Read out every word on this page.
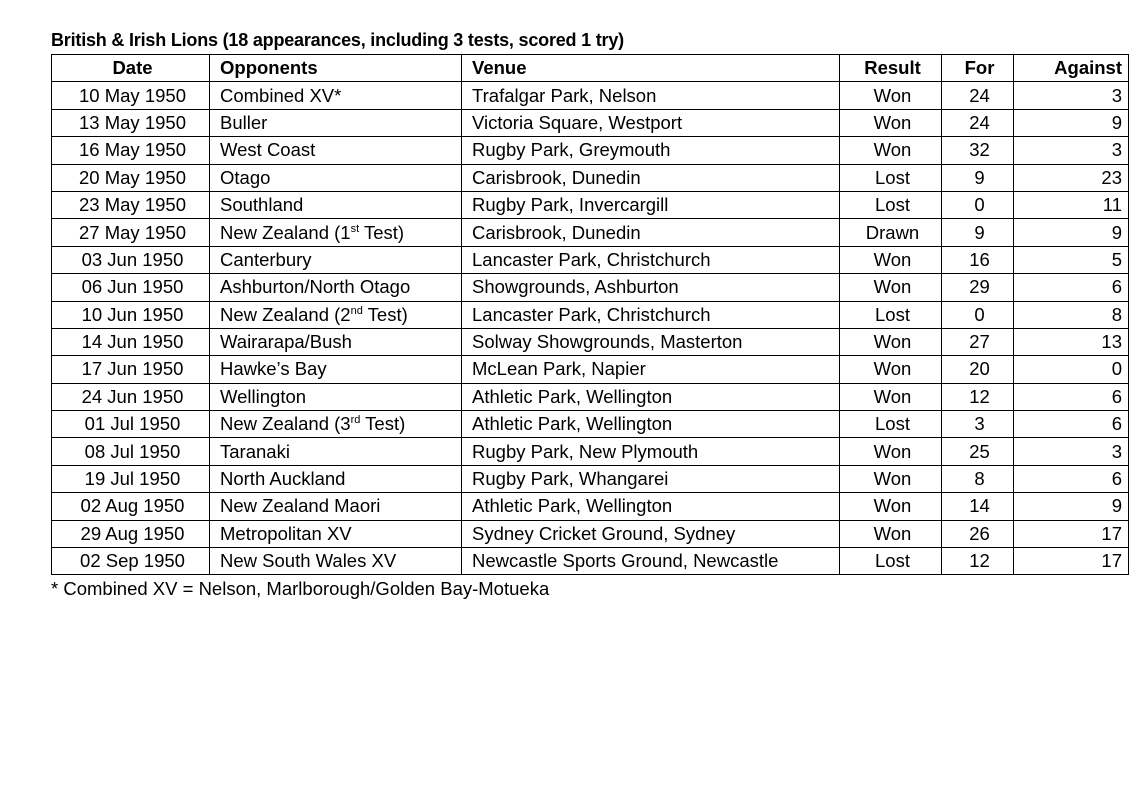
British & Irish Lions (18 appearances, including 3 tests, scored 1 try)
Date	Opponents	Venue	Result	For	Against
10 May 1950	Combined XV*	Trafalgar Park, Nelson	Won	24	3
13 May 1950	Buller	Victoria Square, Westport	Won	24	9
16 May 1950	West Coast	Rugby Park, Greymouth	Won	32	3
20 May 1950	Otago	Carisbrook, Dunedin	Lost	9	23
23 May 1950	Southland	Rugby Park, Invercargill	Lost	0	11
27 May 1950	New Zealand (1st Test)	Carisbrook, Dunedin	Drawn	9	9
03 Jun 1950	Canterbury	Lancaster Park, Christchurch	Won	16	5
06 Jun 1950	Ashburton/North Otago	Showgrounds, Ashburton	Won	29	6
10 Jun 1950	New Zealand (2nd Test)	Lancaster Park, Christchurch	Lost	0	8
14 Jun 1950	Wairarapa/Bush	Solway Showgrounds, Masterton	Won	27	13
17 Jun 1950	Hawke’s Bay	McLean Park, Napier	Won	20	0
24 Jun 1950	Wellington	Athletic Park, Wellington	Won	12	6
01 Jul 1950	New Zealand (3rd Test)	Athletic Park, Wellington	Lost	3	6
08 Jul 1950	Taranaki	Rugby Park, New Plymouth	Won	25	3
19 Jul 1950	North Auckland	Rugby Park, Whangarei	Won	8	6
02 Aug 1950	New Zealand Maori	Athletic Park, Wellington	Won	14	9
29 Aug 1950	Metropolitan XV	Sydney Cricket Ground, Sydney	Won	26	17
02 Sep 1950	New South Wales XV	Newcastle Sports Ground, Newcastle	Lost	12	17
* Combined XV = Nelson, Marlborough/Golden Bay-Motueka
